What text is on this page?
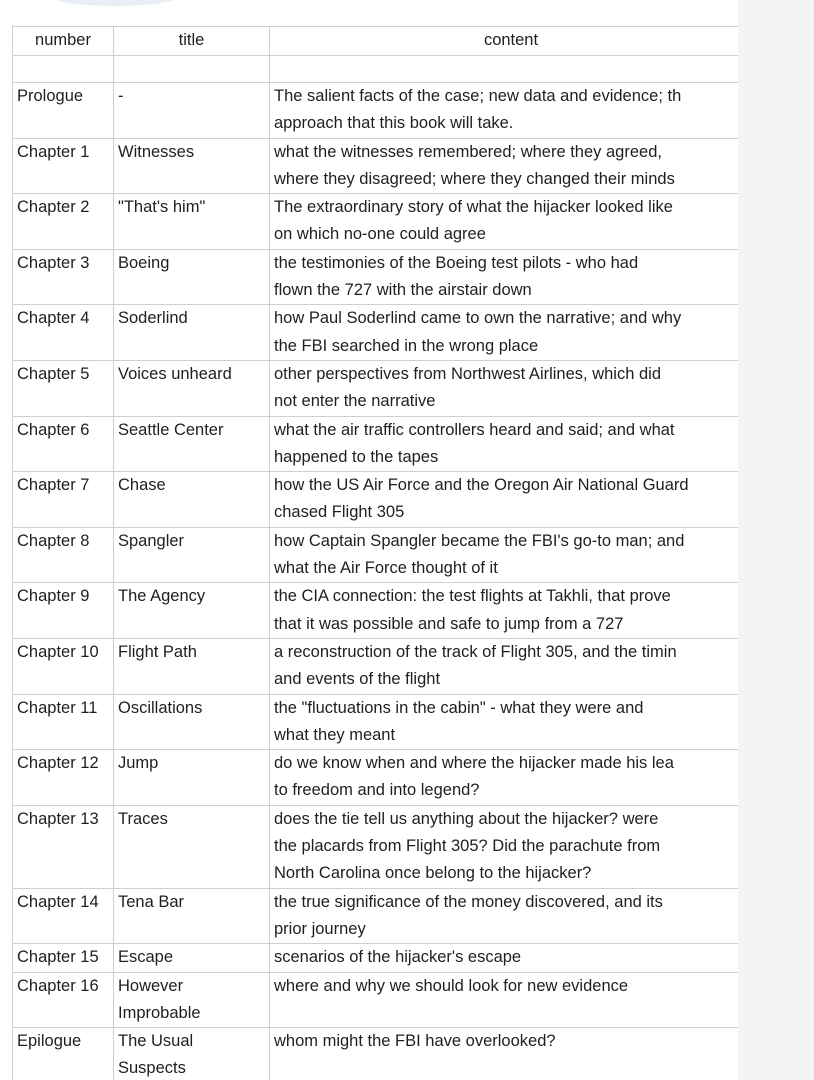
number	title	content

Prologue	-	The salient facts of the case; new data and evidence; th
approach that this book will take.
Chapter 1	Witnesses	what the witnesses remembered; where they agreed,
where they disagreed; where they changed their minds
Chapter 2	"That's him"	The extraordinary story of what the hijacker looked like
on which no-one could agree
Chapter 3	Boeing	the testimonies of the Boeing test pilots - who had
flown the 727 with the airstair down
Chapter 4	Soderlind	how Paul Soderlind came to own the narrative; and why
the FBI searched in the wrong place
Chapter 5	Voices unheard	other perspectives from Northwest Airlines, which did
not enter the narrative
Chapter 6	Seattle Center	what the air traffic controllers heard and said; and what
happened to the tapes
Chapter 7	Chase	how the US Air Force and the Oregon Air National Guard
chased Flight 305
Chapter 8	Spangler	how Captain Spangler became the FBI's go-to man; and
what the Air Force thought of it
Chapter 9	The Agency	the CIA connection: the test flights at Takhli, that prove
that it was possible and safe to jump from a 727
Chapter 10	Flight Path	a reconstruction of the track of Flight 305, and the timin
and events of the flight
Chapter 11	Oscillations	the "fluctuations in the cabin" - what they were and
what they meant
Chapter 12	Jump	do we know when and where the hijacker made his lea
to freedom and into legend?
Chapter 13	Traces	does the tie tell us anything about the hijacker? were
the placards from Flight 305? Did the parachute from
North Carolina once belong to the hijacker?
Chapter 14	Tena Bar	the true significance of the money discovered, and its
prior journey
Chapter 15	Escape	scenarios of the hijacker's escape
Chapter 16	However Improbable	where and why we should look for new evidence
Epilogue	The Usual Suspects	whom might the FBI have overlooked?
